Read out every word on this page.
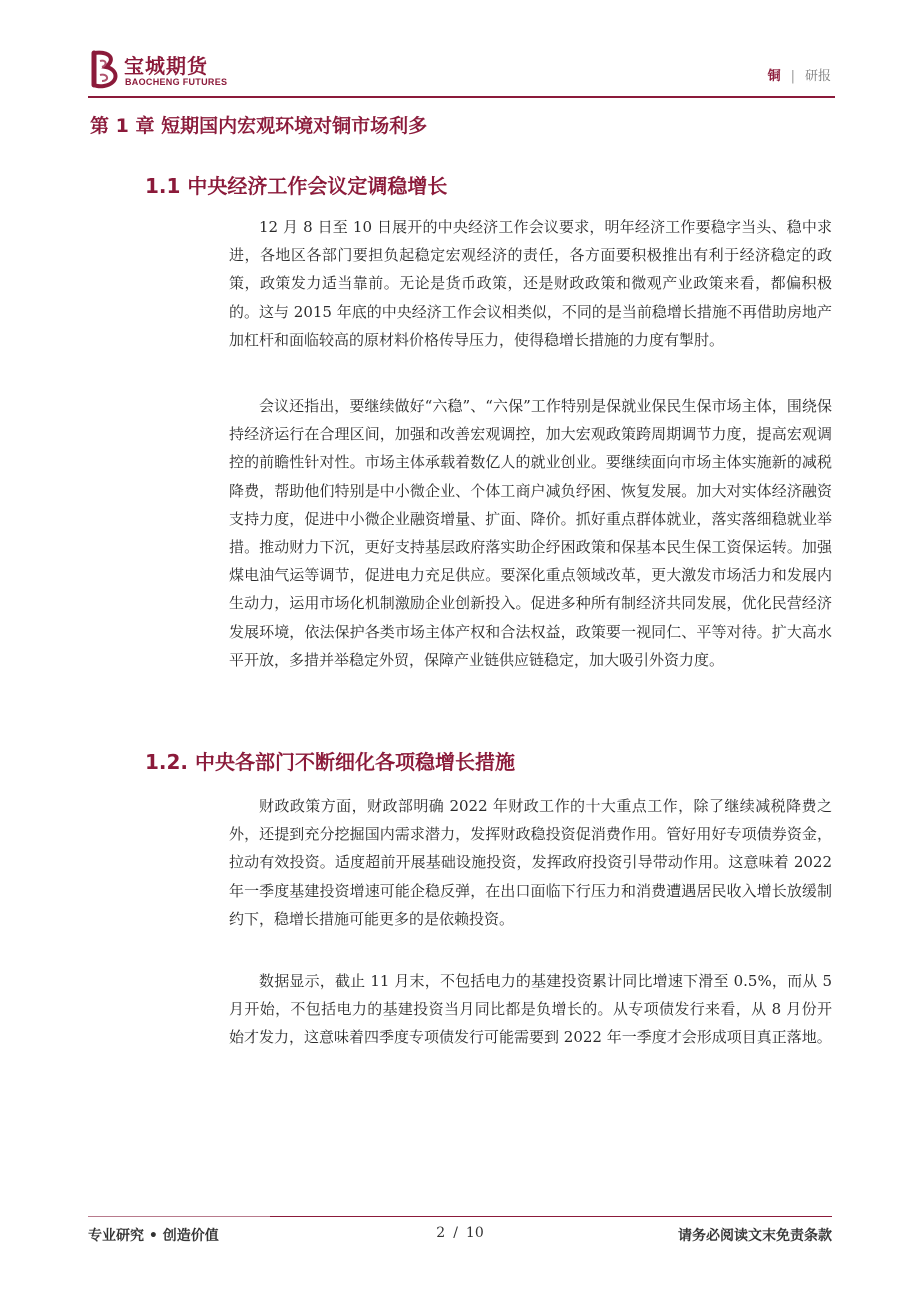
宝城期货
BAOCHENG FUTURES	铜 | 研报
第 1 章 短期国内宏观环境对铜市场利多
1.1 中央经济工作会议定调稳增长

12 月 8 日至 10 日展开的中央经济工作会议要求，明年经济工作要稳字当头、稳中求进，各地区各部门要担负起稳定宏观经济的责任，各方面要积极推出有利于经济稳定的政策，政策发力适当靠前。无论是货币政策，还是财政政策和微观产业政策来看，都偏积极的。这与 2015 年底的中央经济工作会议相类似，不同的是当前稳增长措施不再借助房地产加杠杆和面临较高的原材料价格传导压力，使得稳增长措施的力度有掣肘。

会议还指出，要继续做好“六稳”、“六保”工作特别是保就业保民生保市场主体，围绕保持经济运行在合理区间，加强和改善宏观调控，加大宏观政策跨周期调节力度，提高宏观调控的前瞻性针对性。市场主体承载着数亿人的就业创业。要继续面向市场主体实施新的减税降费，帮助他们特别是中小微企业、个体工商户减负纾困、恢复发展。加大对实体经济融资支持力度，促进中小微企业融资增量、扩面、降价。抓好重点群体就业，落实落细稳就业举措。推动财力下沉，更好支持基层政府落实助企纾困政策和保基本民生保工资保运转。加强煤电油气运等调节，促进电力充足供应。要深化重点领域改革，更大激发市场活力和发展内生动力，运用市场化机制激励企业创新投入。促进多种所有制经济共同发展，优化民营经济发展环境，依法保护各类市场主体产权和合法权益，政策要一视同仁、平等对待。扩大高水平开放，多措并举稳定外贸，保障产业链供应链稳定，加大吸引外资力度。

1.2. 中央各部门不断细化各项稳增长措施

财政政策方面，财政部明确 2022 年财政工作的十大重点工作，除了继续减税降费之外，还提到充分挖掘国内需求潜力，发挥财政稳投资促消费作用。管好用好专项债券资金，拉动有效投资。适度超前开展基础设施投资，发挥政府投资引导带动作用。这意味着 2022 年一季度基建投资增速可能企稳反弹，在出口面临下行压力和消费遭遇居民收入增长放缓制约下，稳增长措施可能更多的是依赖投资。

数据显示，截止 11 月末，不包括电力的基建投资累计同比增速下滑至 0.5%，而从 5 月开始，不包括电力的基建投资当月同比都是负增长的。从专项债发行来看，从 8 月份开始才发力，这意味着四季度专项债发行可能需要到 2022 年一季度才会形成项目真正落地。

专业研究 • 创造价值	2 / 10	请务必阅读文末免责条款
